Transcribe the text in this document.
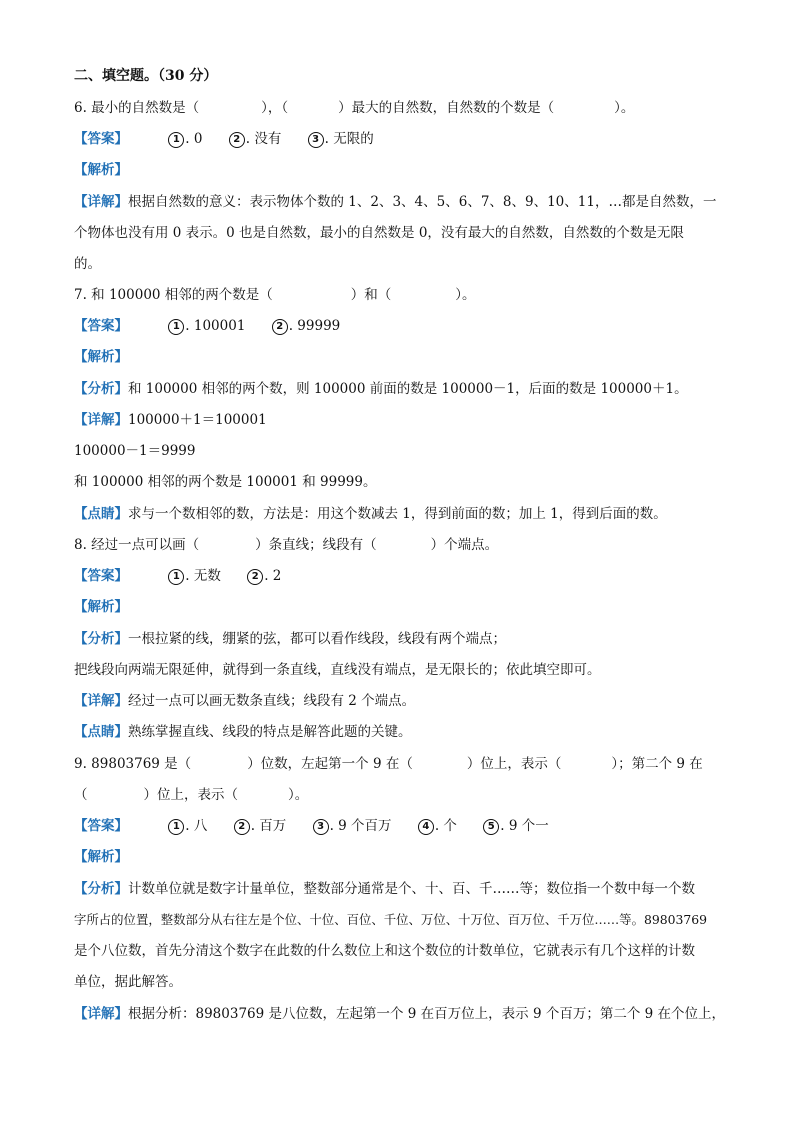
二、填空题。（30 分）
6. 最小的自然数是（	），（	）最大的自然数，自然数的个数是（	）。
【答案】	1 . 0	2 . 没有	3 . 无限的
【解析】
【详解】根据自然数的意义：表示物体个数的 1、2、3、4、5、6、7、8、9、10、11，…都是自然数，一
个物体也没有用 0 表示。0 也是自然数，最小的自然数是 0，没有最大的自然数，自然数的个数是无限
的。
7. 和 100000 相邻的两个数是（	）和（	）。
【答案】	1 . 100001	2 . 99999
【解析】
【分析】和 100000 相邻的两个数，则 100000 前面的数是 100000－1，后面的数是 100000＋1。
【详解】100000＋1＝100001
100000－1＝9999
和 100000 相邻的两个数是 100001 和 99999。
【点睛】求与一个数相邻的数，方法是：用这个数减去 1，得到前面的数；加上 1，得到后面的数。
8. 经过一点可以画（	）条直线；线段有（	）个端点。
【答案】	1 . 无数	2 . 2
【解析】
【分析】一根拉紧的线，绷紧的弦，都可以看作线段，线段有两个端点；
把线段向两端无限延伸，就得到一条直线，直线没有端点，是无限长的；依此填空即可。
【详解】经过一点可以画无数条直线；线段有 2 个端点。
【点睛】熟练掌握直线、线段的特点是解答此题的关键。
9. 89803769 是（	）位数，左起第一个 9 在（	）位上，表示（	）；第二个 9 在
（	）位上，表示（	）。
【答案】	1 . 八	2 . 百万	3 . 9 个百万	4 . 个	5 . 9 个一
【解析】
【分析】计数单位就是数字计量单位，整数部分通常是个、十、百、千……等；数位指一个数中每一个数
字所占的位置，整数部分从右往左是个位、十位、百位、千位、万位、十万位、百万位、千万位……等。89803769
是个八位数，首先分清这个数字在此数的什么数位上和这个数位的计数单位，它就表示有几个这样的计数
单位，据此解答。
【详解】根据分析：89803769 是八位数，左起第一个 9 在百万位上，表示 9 个百万；第二个 9 在个位上，
